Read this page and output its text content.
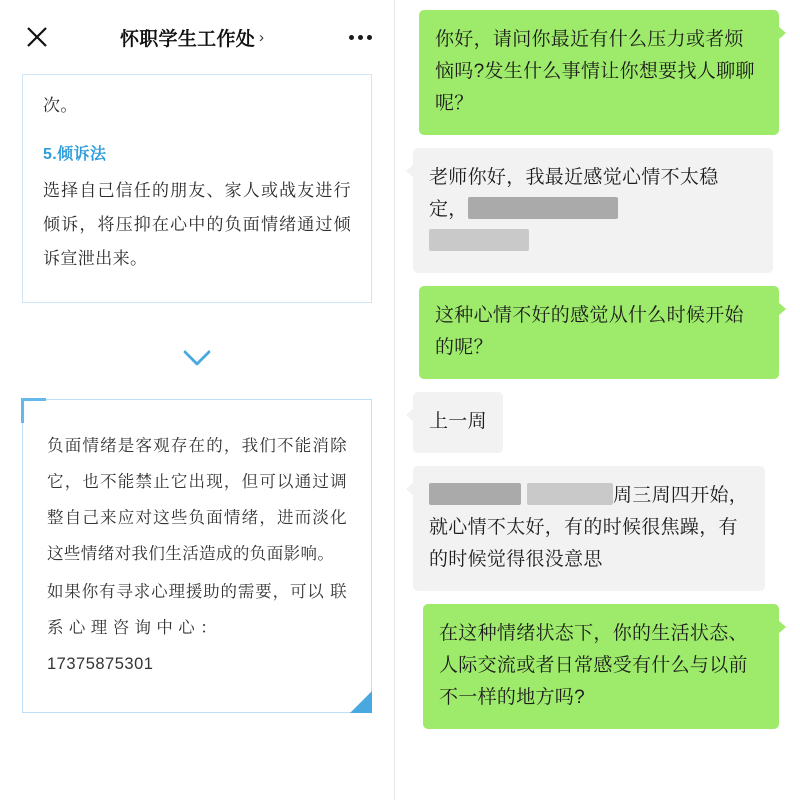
怀职学生工作处 ›
次。
5.倾诉法
选择自己信任的朋友、家人或战友进行倾诉，将压抑在心中的负面情绪通过倾诉宣泄出来。
负面情绪是客观存在的，我们不能消除它，也不能禁止它出现，但可以通过调整自己来应对这些负面情绪，进而淡化这些情绪对我们生活造成的负面影响。
如果你有寻求心理援助的需要，可以 联 系 心 理 咨 询 中 心 ：
17375875301
你好，请问你最近有什么压力或者烦恼吗?发生什么事情让你想要找人聊聊呢？
老师你好，我最近感觉心情不太稳定，

这种心情不好的感觉从什么时候开始的呢？
上一周
周三周四开始，就心情不太好，有的时候很焦躁，有的时候觉得很没意思
在这种情绪状态下，你的生活状态、人际交流或者日常感受有什么与以前不一样的地方吗?
